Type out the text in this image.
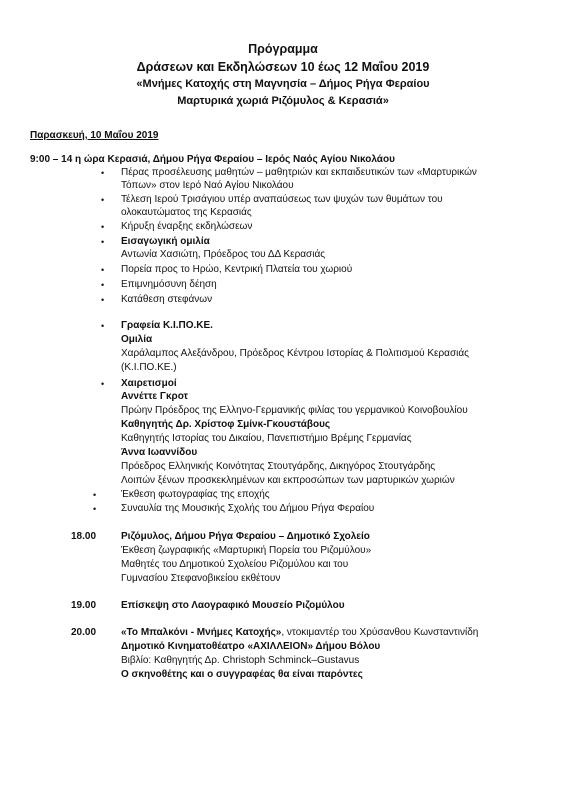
Πρόγραμμα
Δράσεων και Εκδηλώσεων 10 έως 12 Μαΐου 2019
«Μνήμες Κατοχής στη Μαγνησία – Δήμος Ρήγα Φεραίου
Μαρτυρικά χωριά Ριζόμυλος & Κερασιά»
Παρασκευή, 10 Μαΐου 2019
9:00 – 14 η ώρα Κερασιά, Δήμου Ρήγα Φεραίου – Ιερός Ναός Αγίου Νικολάου
• Πέρας προσέλευσης μαθητών – μαθητριών και εκπαιδευτικών των «Μαρτυρικών
Τόπων» στον Ιερό Ναό Αγίου Νικολάου
• Τέλεση Ιερού Τρισάγιου υπέρ αναπαύσεως των ψυχών των θυμάτων του
ολοκαυτώματος της Κερασιάς
• Κήρυξη έναρξης εκδηλώσεων
• Εισαγωγική ομιλία
Αντωνία Χασιώτη, Πρόεδρος του ΔΔ Κερασιάς
• Πορεία προς το Ηρώο, Κεντρική Πλατεία του χωριού
• Επιμνημόσυνη δέηση
• Κατάθεση στεφάνων
• Γραφεία Κ.Ι.ΠΟ.ΚΕ.
Ομιλία
Χαράλαμπος Αλεξάνδρου, Πρόεδρος Κέντρου Ιστορίας & Πολιτισμού Κερασιάς
(Κ.Ι.ΠΟ.ΚΕ.)
• Χαιρετισμοί
Αννέττε Γκροτ
Πρώην Πρόεδρος της Ελληνο-Γερμανικής φιλίας του γερμανικού Κοινοβουλίου
Καθηγητής Δρ. Χρίστοφ Σμίνκ-Γκουστάβους
Καθηγητής Ιστορίας του Δικαίου, Πανεπιστήμιο Βρέμης Γερμανίας
Άννα Ιωαννίδου
Πρόεδρος Ελληνικής Κοινότητας Στουτγάρδης, Δικηγόρος Στουτγάρδης
Λοιπών ξένων προσκεκλημένων και εκπροσώπων των μαρτυρικών χωριών
• Έκθεση φωτογραφίας της εποχής
• Συναυλία της Μουσικής Σχολής του Δήμου Ρήγα Φεραίου
18.00 Ριζόμυλος, Δήμου Ρήγα Φεραίου – Δημοτικό Σχολείο
Έκθεση ζωγραφικής «Μαρτυρική Πορεία του Ριζομύλου»
Μαθητές του Δημοτικού Σχολείου Ριζομύλου και του
Γυμνασίου Στεφανοβικείου εκθέτουν
19.00 Επίσκεψη στο Λαογραφικό Μουσείο Ριζομύλου
20.00 «Το Μπαλκόνι - Μνήμες Κατοχής», ντοκιμαντέρ του Χρύσανθου Κωνσταντινίδη
Δημοτικό Κινηματοθέατρο «ΑΧΙΛΛΕΙΟΝ» Δήμου Βόλου
Βιβλίο: Καθηγητής Δρ. Christoph Schminck–Gustavus
Ο σκηνοθέτης και ο συγγραφέας θα είναι παρόντες
